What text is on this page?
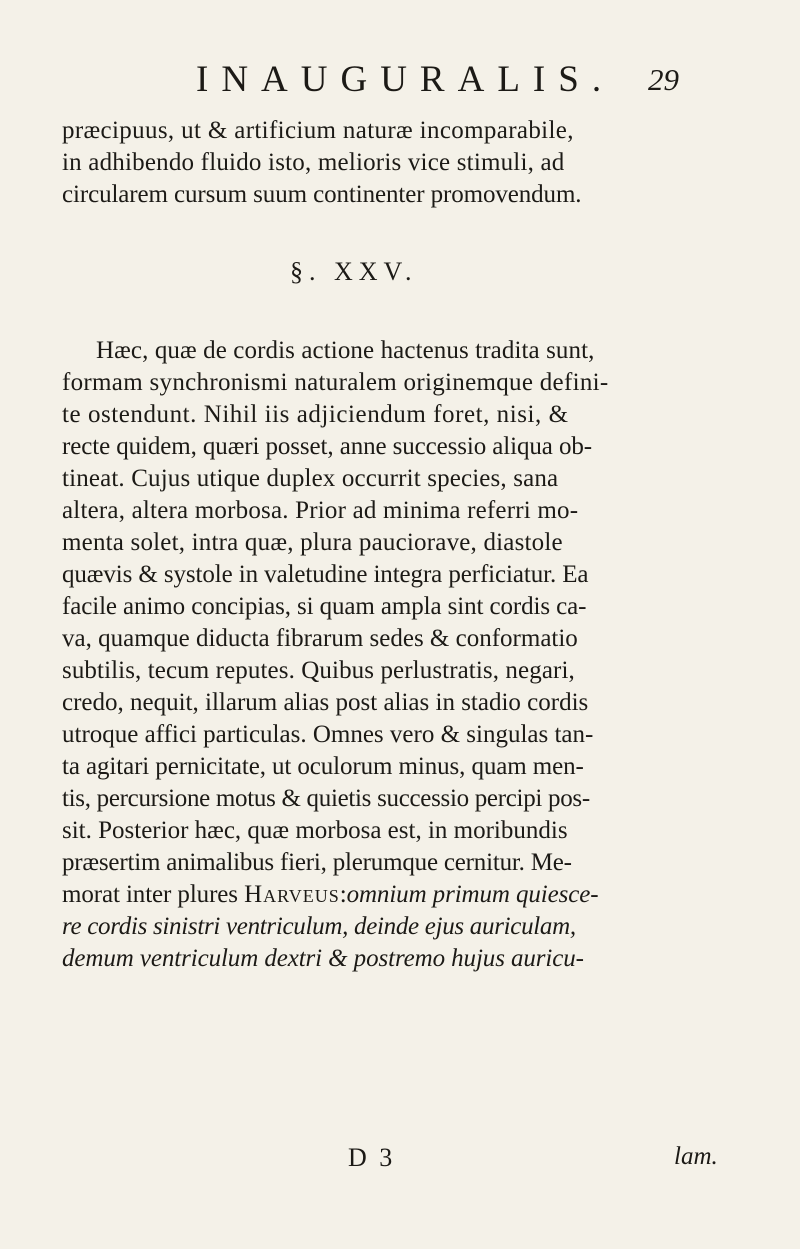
INAUGURALIS. 29
præcipuus, ut & artificium naturæ incomparabile,
in adhibendo fluido isto, melioris vice stimuli, ad
circularem cursum suum continenter promovendum.
§. XXV.
Hæc, quæ de cordis actione hactenus tradita sunt,
formam synchronismi naturalem originemque defini-
te ostendunt. Nihil iis adjiciendum foret, nisi, &
recte quidem, quæri posset, anne successio aliqua ob-
tineat. Cujus utique duplex occurrit species, sana
altera, altera morbosa. Prior ad minima referri mo-
menta solet, intra quæ, plura pauciorave, diastole
quævis & systole in valetudine integra perficiatur. Ea
facile animo concipias, si quam ampla sint cordis ca-
va, quamque diducta fibrarum sedes & conformatio
subtilis, tecum reputes. Quibus perlustratis, negari,
credo, nequit, illarum alias post alias in stadio cordis
utroque affici particulas. Omnes vero & singulas tan-
ta agitari pernicitate, ut oculorum minus, quam men-
tis, percursione motus & quietis successio percipi pos-
sit. Posterior hæc, quæ morbosa est, in moribundis
præsertim animalibus fieri, plerumque cernitur. Me-
morat inter plures Harveus:omnium primum quiesce-
re cordis sinistri ventriculum, deinde ejus auriculam,
demum ventriculum dextri & postremo hujus auricu-
D 3	lam.
